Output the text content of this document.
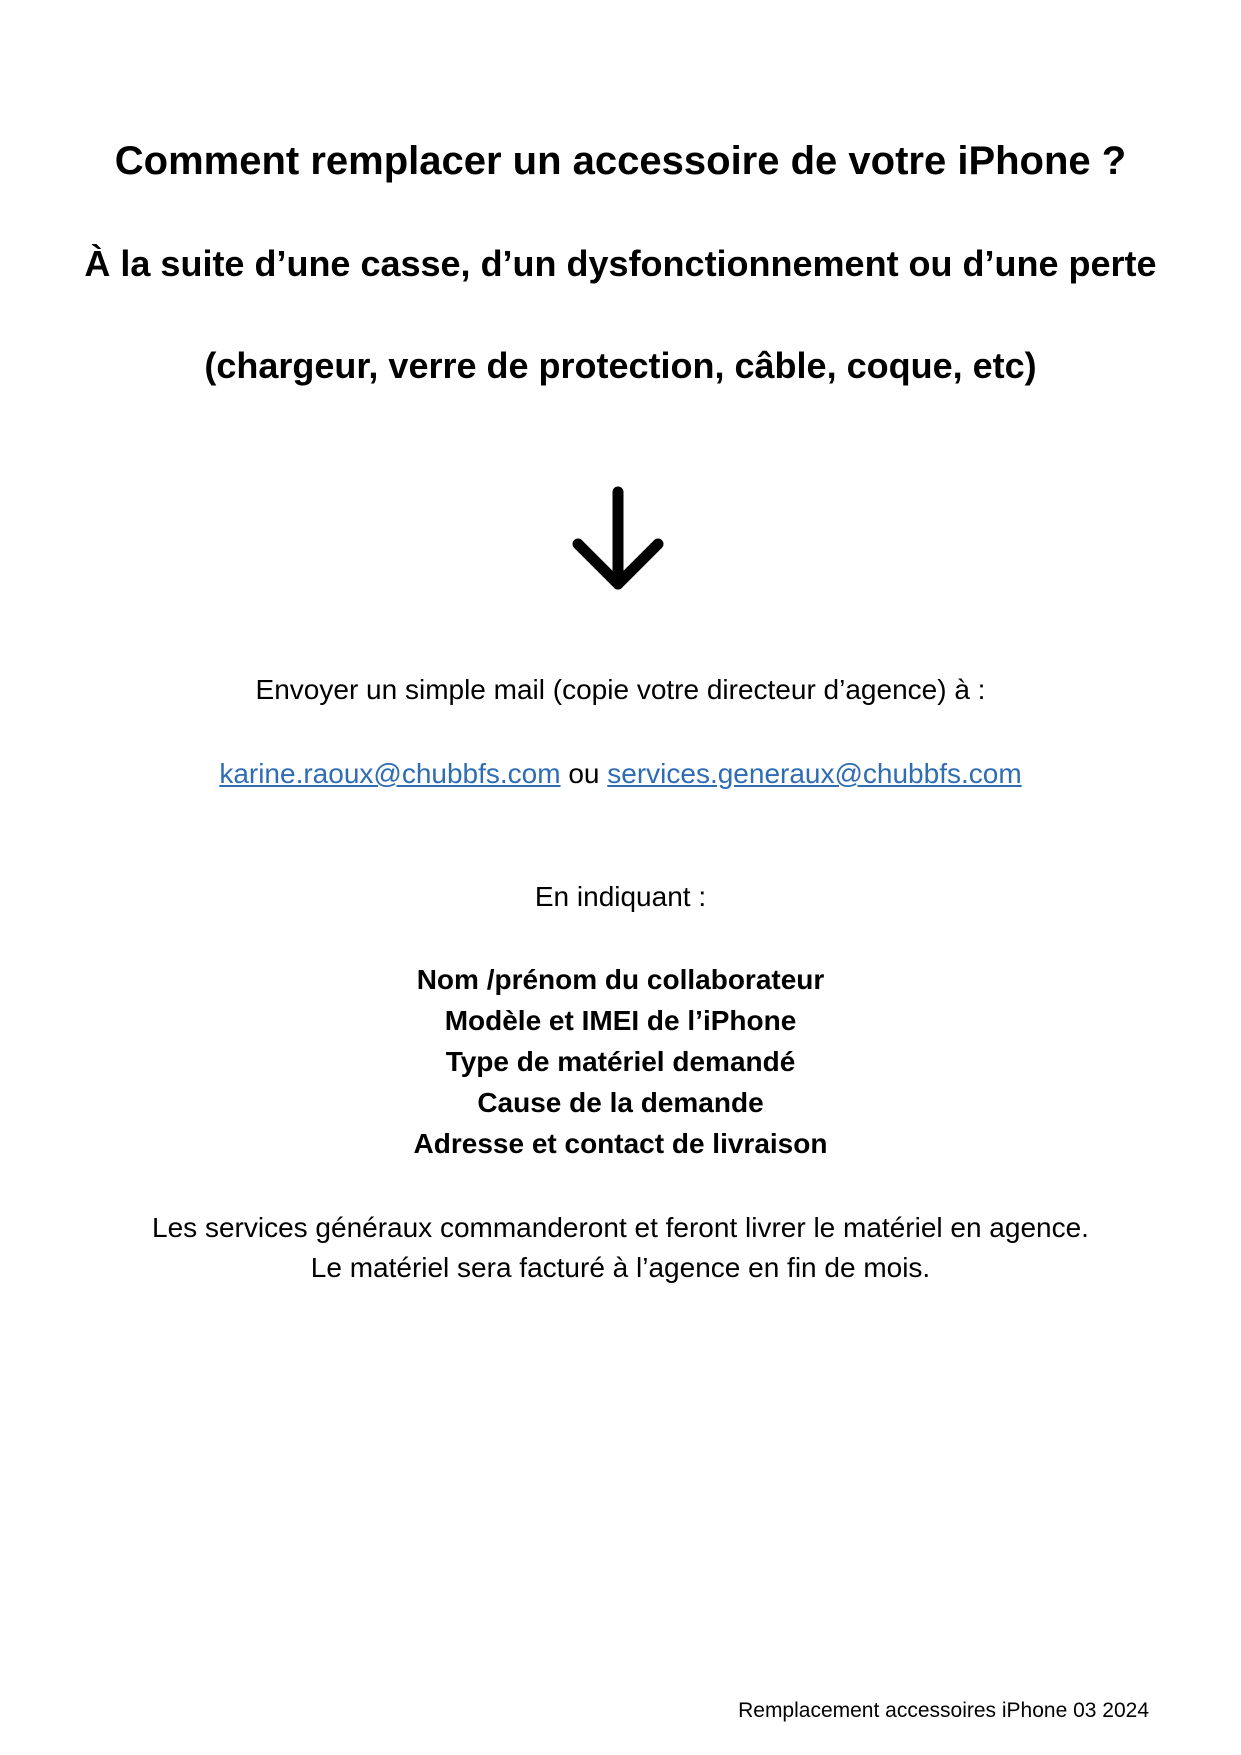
Comment remplacer un accessoire de votre iPhone ?
À la suite d’une casse, d’un dysfonctionnement ou d’une perte
(chargeur, verre de protection, câble, coque, etc)

Envoyer un simple mail (copie votre directeur d’agence) à :

karine.raoux@chubbfs.com ou services.generaux@chubbfs.com

En indiquant :

Nom /prénom du collaborateur
Modèle et IMEI de l’iPhone
Type de matériel demandé
Cause de la demande
Adresse et contact de livraison
Les services généraux commanderont et feront livrer le matériel en agence.
Le matériel sera facturé à l’agence en fin de mois.
Remplacement accessoires iPhone 03 2024
